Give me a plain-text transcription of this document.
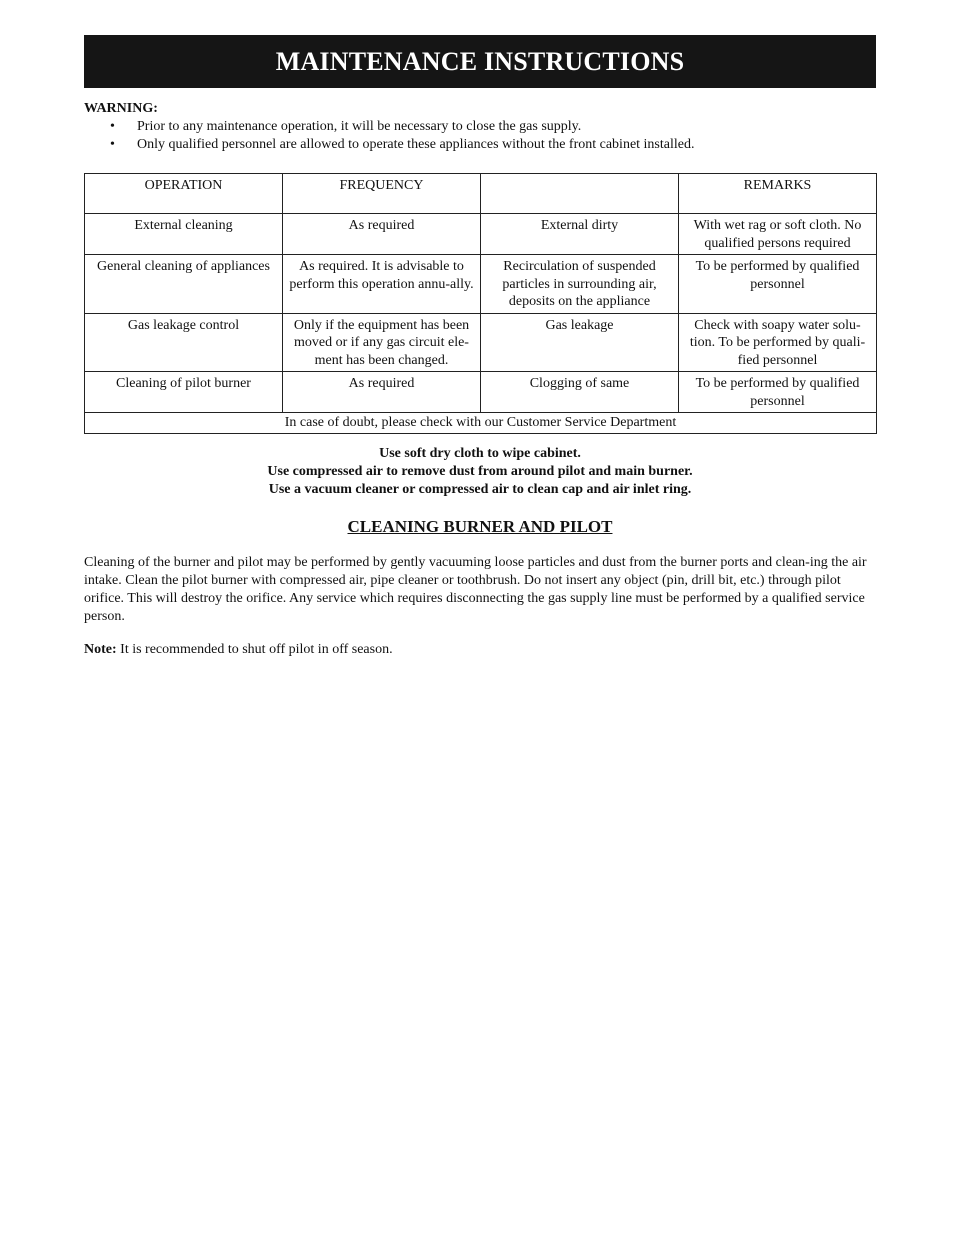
MAINTENANCE INSTRUCTIONS
WARNING:
• Prior to any maintenance operation, it will be necessary to close the gas supply.
• Only qualified personnel are allowed to operate these appliances without the front cabinet installed.
OPERATION	FREQUENCY		REMARKS
External cleaning	As required	External dirty	With wet rag or soft cloth. No qualified persons required
General cleaning of appliances	As required. It is advisable to perform this operation annu-ally.	Recirculation of suspended particles in surrounding air, deposits on the appliance	To be performed by qualified personnel
Gas leakage control	Only if the equipment has been moved or if any gas circuit ele-ment has been changed.	Gas leakage	Check with soapy water solu-tion. To be performed by quali-fied personnel
Cleaning of pilot burner	As required	Clogging of same	To be performed by qualified personnel
In case of doubt, please check with our Customer Service Department			
Use soft dry cloth to wipe cabinet.
Use compressed air to remove dust from around pilot and main burner.
Use a vacuum cleaner or compressed air to clean cap and air inlet ring.
CLEANING BURNER AND PILOT
Cleaning of the burner and pilot may be performed by gently vacuuming loose particles and dust from the burner ports and clean-ing the air intake. Clean the pilot burner with compressed air, pipe cleaner or toothbrush. Do not insert any object (pin, drill bit, etc.) through pilot orifice. This will destroy the orifice. Any service which requires disconnecting the gas supply line must be performed by a qualified service person.
Note: It is recommended to shut off pilot in off season.
